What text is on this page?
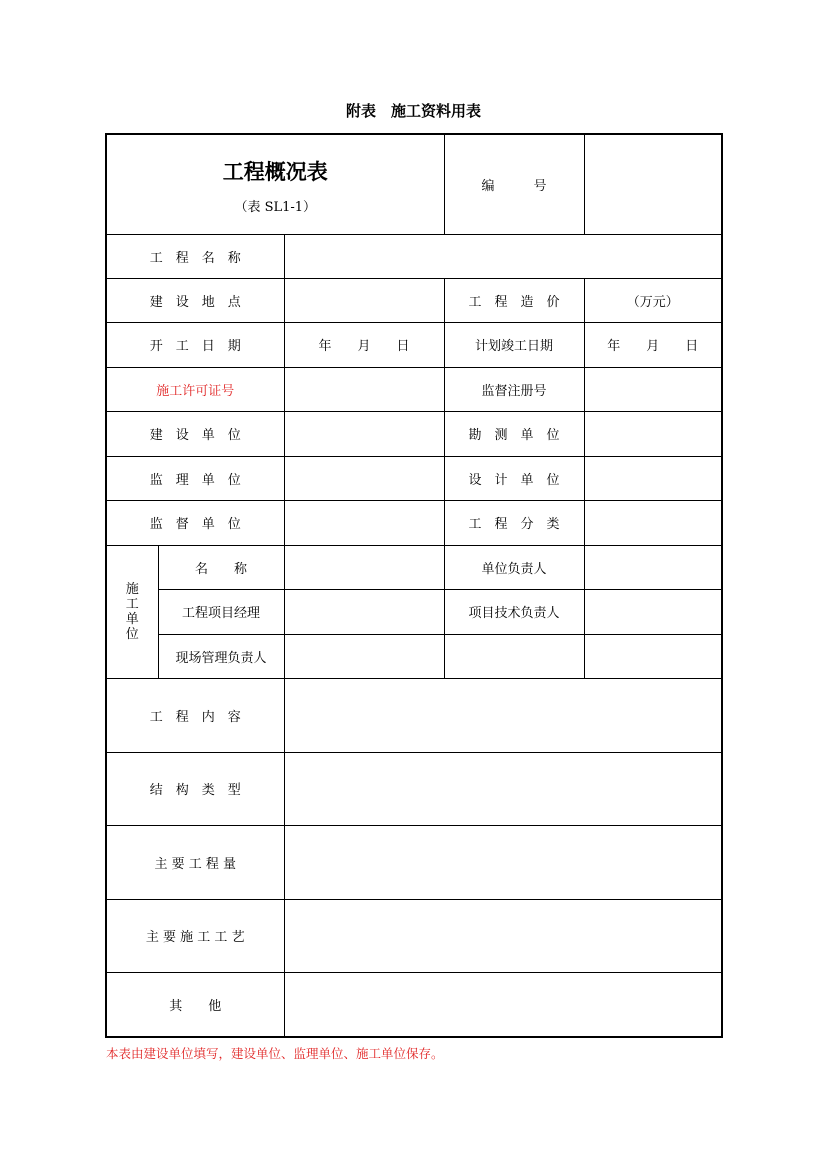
附表　施工资料用表
工程概况表
（表 SL1-1）			编　　　号	
工　程　名　称				
建　设　地　点			工　程　造　价	（万元）
开　工　日　期		年　　月　　日	计划竣工日期	年　　月　　日
施工许可证号			监督注册号	
建　设　单　位			勘　测　单　位	
监　理　单　位			设　计　单　位	
监　督　单　位			工　程　分　类	

施工单位	名　　称		单位负责人	
	工程项目经理		项目技术负责人	
	现场管理负责人			
工　程　内　容				
结　构　类　型				
主 要 工 程 量				
主 要 施 工 工 艺				
其　　他				
本表由建设单位填写，建设单位、监理单位、施工单位保存。
